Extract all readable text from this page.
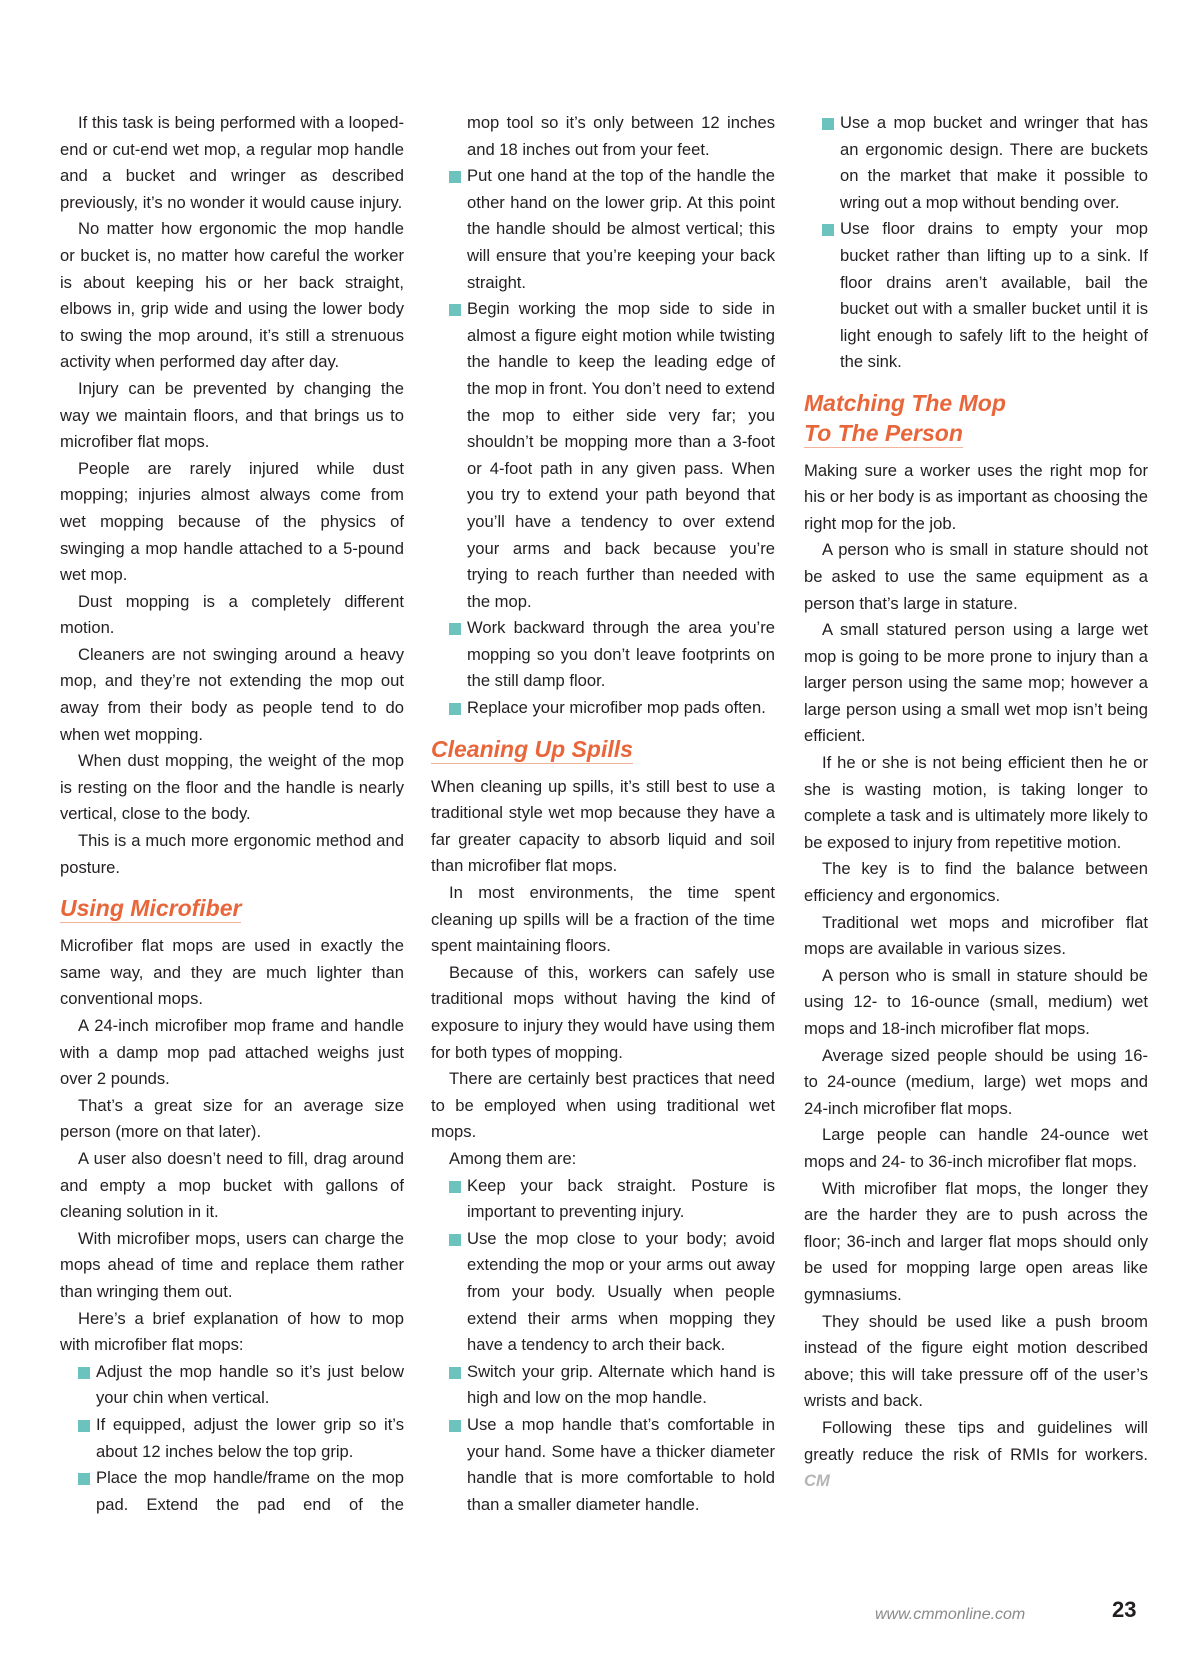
If this task is being performed with a looped-end or cut-end wet mop, a regular mop handle and a bucket and wringer as described previously, it’s no wonder it would cause injury.

No matter how ergonomic the mop handle or bucket is, no matter how careful the worker is about keeping his or her back straight, elbows in, grip wide and using the lower body to swing the mop around, it’s still a strenuous activity when performed day after day.

Injury can be prevented by changing the way we maintain floors, and that brings us to microfiber flat mops.

People are rarely injured while dust mopping; injuries almost always come from wet mopping because of the physics of swinging a mop handle attached to a 5-pound wet mop.

Dust mopping is a completely different motion.

Cleaners are not swinging around a heavy mop, and they’re not extending the mop out away from their body as people tend to do when wet mopping.

When dust mopping, the weight of the mop is resting on the floor and the handle is nearly vertical, close to the body.

This is a much more ergonomic method and posture.

Using Microfiber

Microfiber flat mops are used in exactly the same way, and they are much lighter than conventional mops.

A 24-inch microfiber mop frame and handle with a damp mop pad attached weighs just over 2 pounds.

That’s a great size for an average size person (more on that later).

A user also doesn’t need to fill, drag around and empty a mop bucket with gallons of cleaning solution in it.

With microfiber mops, users can charge the mops ahead of time and replace them rather than wringing them out.

Here’s a brief explanation of how to mop with microfiber flat mops:

Adjust the mop handle so it’s just below your chin when vertical.
If equipped, adjust the lower grip so it’s about 12 inches below the top grip.
Place the mop handle/frame on the mop pad. Extend the pad end of the
mop tool so it’s only between 12 inches and 18 inches out from your feet.
Put one hand at the top of the handle the other hand on the lower grip. At this point the handle should be almost vertical; this will ensure that you’re keeping your back straight.
Begin working the mop side to side in almost a figure eight motion while twisting the handle to keep the leading edge of the mop in front. You don’t need to extend the mop to either side very far; you shouldn’t be mopping more than a 3-foot or 4-foot path in any given pass. When you try to extend your path beyond that you’ll have a tendency to over extend your arms and back because you’re trying to reach further than needed with the mop.
Work backward through the area you’re mopping so you don’t leave footprints on the still damp floor.
Replace your microfiber mop pads often.
Cleaning Up Spills

When cleaning up spills, it’s still best to use a traditional style wet mop because they have a far greater capacity to absorb liquid and soil than microfiber flat mops.

In most environments, the time spent cleaning up spills will be a fraction of the time spent maintaining floors.

Because of this, workers can safely use traditional mops without having the kind of exposure to injury they would have using them for both types of mopping.

There are certainly best practices that need to be employed when using traditional wet mops.

Among them are:

Keep your back straight. Posture is important to preventing injury.
Use the mop close to your body; avoid extending the mop or your arms out away from your body. Usually when people extend their arms when mopping they have a tendency to arch their back.
Switch your grip. Alternate which hand is high and low on the mop handle.
Use a mop handle that’s comfortable in your hand. Some have a thicker diameter handle that is more comfortable to hold than a smaller diameter handle.
Use a mop bucket and wringer that has an ergonomic design. There are buckets on the market that make it possible to wring out a mop without bending over.
Use floor drains to empty your mop bucket rather than lifting up to a sink. If floor drains aren’t available, bail the bucket out with a smaller bucket until it is light enough to safely lift to the height of the sink.
Matching The Mop
To The Person

Making sure a worker uses the right mop for his or her body is as important as choosing the right mop for the job.

A person who is small in stature should not be asked to use the same equipment as a person that’s large in stature.

A small statured person using a large wet mop is going to be more prone to injury than a larger person using the same mop; however a large person using a small wet mop isn’t being efficient.

If he or she is not being efficient then he or she is wasting motion, is taking longer to complete a task and is ultimately more likely to be exposed to injury from repetitive motion.

The key is to find the balance between efficiency and ergonomics.

Traditional wet mops and microfiber flat mops are available in various sizes.

A person who is small in stature should be using 12- to 16-ounce (small, medium) wet mops and 18-inch microfiber flat mops.

Average sized people should be using 16- to 24-ounce (medium, large) wet mops and 24-inch microfiber flat mops.

Large people can handle 24-ounce wet mops and 24- to 36-inch microfiber flat mops.

With microfiber flat mops, the longer they are the harder they are to push across the floor; 36-inch and larger flat mops should only be used for mopping large open areas like gymnasiums.

They should be used like a push broom instead of the figure eight motion described above; this will take pressure off of the user’s wrists and back.

Following these tips and guidelines will greatly reduce the risk of RMIs for workers. CM

www.cmmonline.com	23
